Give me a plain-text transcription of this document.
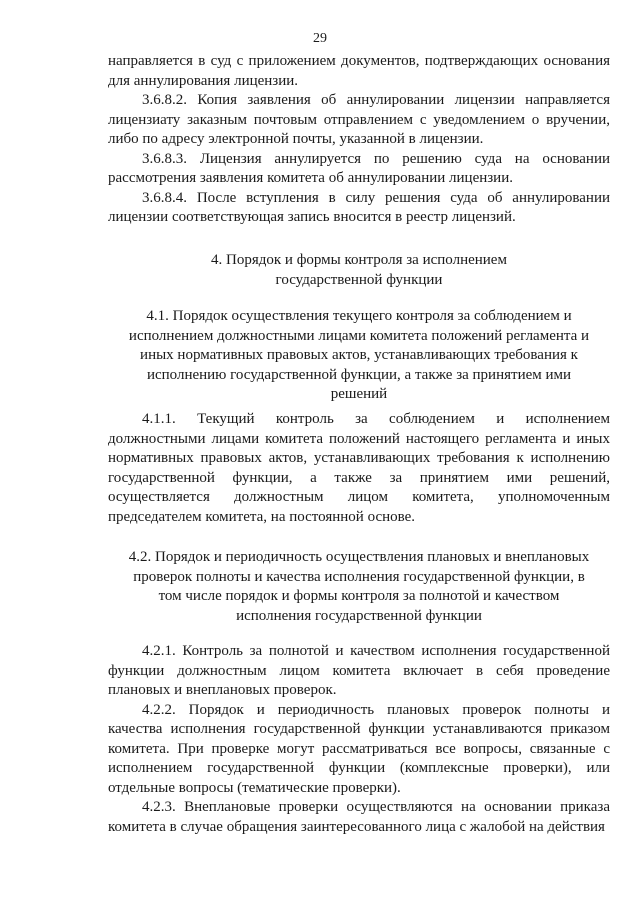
29
направляется в суд с приложением документов, подтверждающих основания
для аннулирования лицензии.
3.6.8.2. Копия заявления об аннулировании лицензии направляется
лицензиату заказным почтовым отправлением с уведомлением о вручении,
либо по адресу электронной почты, указанной в лицензии.
3.6.8.3. Лицензия аннулируется по решению суда на основании
рассмотрения заявления комитета об аннулировании лицензии.
3.6.8.4. После вступления в силу решения суда об аннулировании
лицензии соответствующая запись вносится в реестр лицензий.
4. Порядок и формы контроля за исполнением
государственной функции
4.1. Порядок осуществления текущего контроля за соблюдением и
исполнением должностными лицами комитета положений регламента и
иных нормативных правовых актов, устанавливающих требования к
исполнению государственной функции, а также за принятием ими
решений
4.1.1. Текущий контроль за соблюдением и исполнением
должностными лицами комитета положений настоящего регламента и иных
нормативных правовых актов, устанавливающих требования к исполнению
государственной функции, а также за принятием ими решений,
осуществляется должностным лицом комитета, уполномоченным
председателем комитета, на постоянной основе.
4.2. Порядок и периодичность осуществления плановых и внеплановых
проверок полноты и качества исполнения государственной функции, в
том числе порядок и формы контроля за полнотой и качеством
исполнения государственной функции
4.2.1. Контроль за полнотой и качеством исполнения государственной
функции должностным лицом комитета включает в себя проведение
плановых и внеплановых проверок.
4.2.2. Порядок и периодичность плановых проверок полноты и
качества исполнения государственной функции устанавливаются приказом
комитета. При проверке могут рассматриваться все вопросы, связанные с
исполнением государственной функции (комплексные проверки), или
отдельные вопросы (тематические проверки).
4.2.3. Внеплановые проверки осуществляются на основании приказа
комитета в случае обращения заинтересованного лица с жалобой на действия
